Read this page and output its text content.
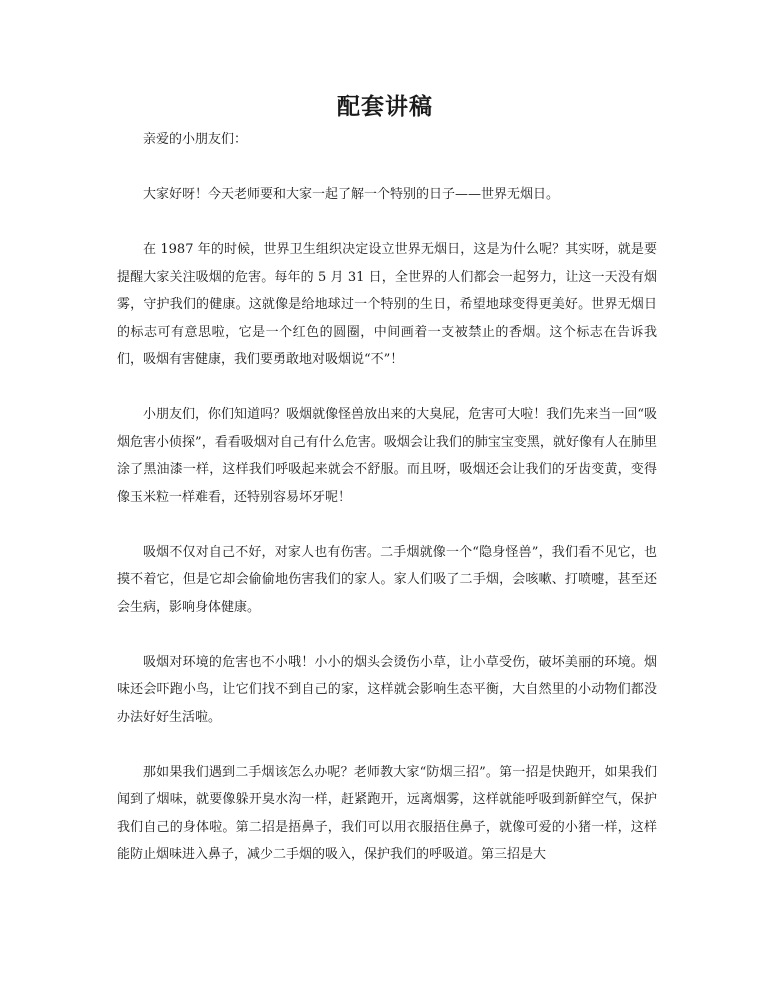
配套讲稿

亲爱的小朋友们：

大家好呀！今天老师要和大家一起了解一个特别的日子——世界无烟日。

在 1987 年的时候，世界卫生组织决定设立世界无烟日，这是为什么呢？其实呀，就是要提醒大家关注吸烟的危害。每年的 5 月 31 日，全世界的人们都会一起努力，让这一天没有烟雾，守护我们的健康。这就像是给地球过一个特别的生日，希望地球变得更美好。世界无烟日的标志可有意思啦，它是一个红色的圆圈，中间画着一支被禁止的香烟。这个标志在告诉我们，吸烟有害健康，我们要勇敢地对吸烟说“不”！

小朋友们，你们知道吗？吸烟就像怪兽放出来的大臭屁，危害可大啦！我们先来当一回“吸烟危害小侦探”，看看吸烟对自己有什么危害。吸烟会让我们的肺宝宝变黑，就好像有人在肺里涂了黑油漆一样，这样我们呼吸起来就会不舒服。而且呀，吸烟还会让我们的牙齿变黄，变得像玉米粒一样难看，还特别容易坏牙呢！

吸烟不仅对自己不好，对家人也有伤害。二手烟就像一个“隐身怪兽”，我们看不见它，也摸不着它，但是它却会偷偷地伤害我们的家人。家人们吸了二手烟，会咳嗽、打喷嚏，甚至还会生病，影响身体健康。

吸烟对环境的危害也不小哦！小小的烟头会烫伤小草，让小草受伤，破坏美丽的环境。烟味还会吓跑小鸟，让它们找不到自己的家，这样就会影响生态平衡，大自然里的小动物们都没办法好好生活啦。

那如果我们遇到二手烟该怎么办呢？老师教大家“防烟三招”。第一招是快跑开，如果我们闻到了烟味，就要像躲开臭水沟一样，赶紧跑开，远离烟雾，这样就能呼吸到新鲜空气，保护我们自己的身体啦。第二招是捂鼻子，我们可以用衣服捂住鼻子，就像可爱的小猪一样，这样能防止烟味进入鼻子，减少二手烟的吸入，保护我们的呼吸道。第三招是大
